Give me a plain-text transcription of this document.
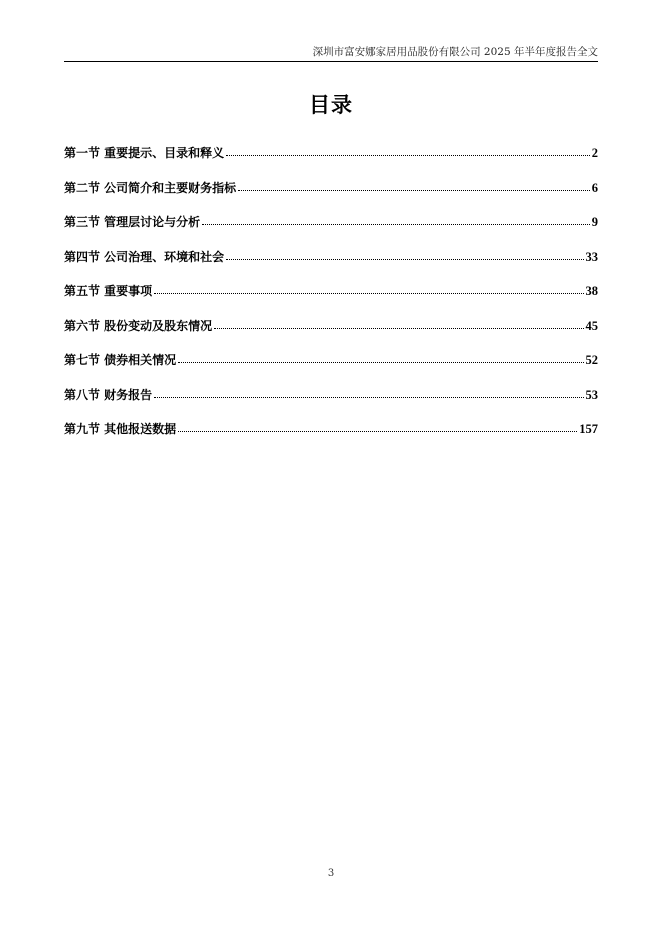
深圳市富安娜家居用品股份有限公司 2025 年半年度报告全文
目录
第一节 重要提示、目录和释义	2
第二节 公司简介和主要财务指标	6
第三节 管理层讨论与分析	9
第四节 公司治理、环境和社会	33
第五节 重要事项	38
第六节 股份变动及股东情况	45
第七节 债券相关情况	52
第八节 财务报告	53
第九节 其他报送数据	157
3
